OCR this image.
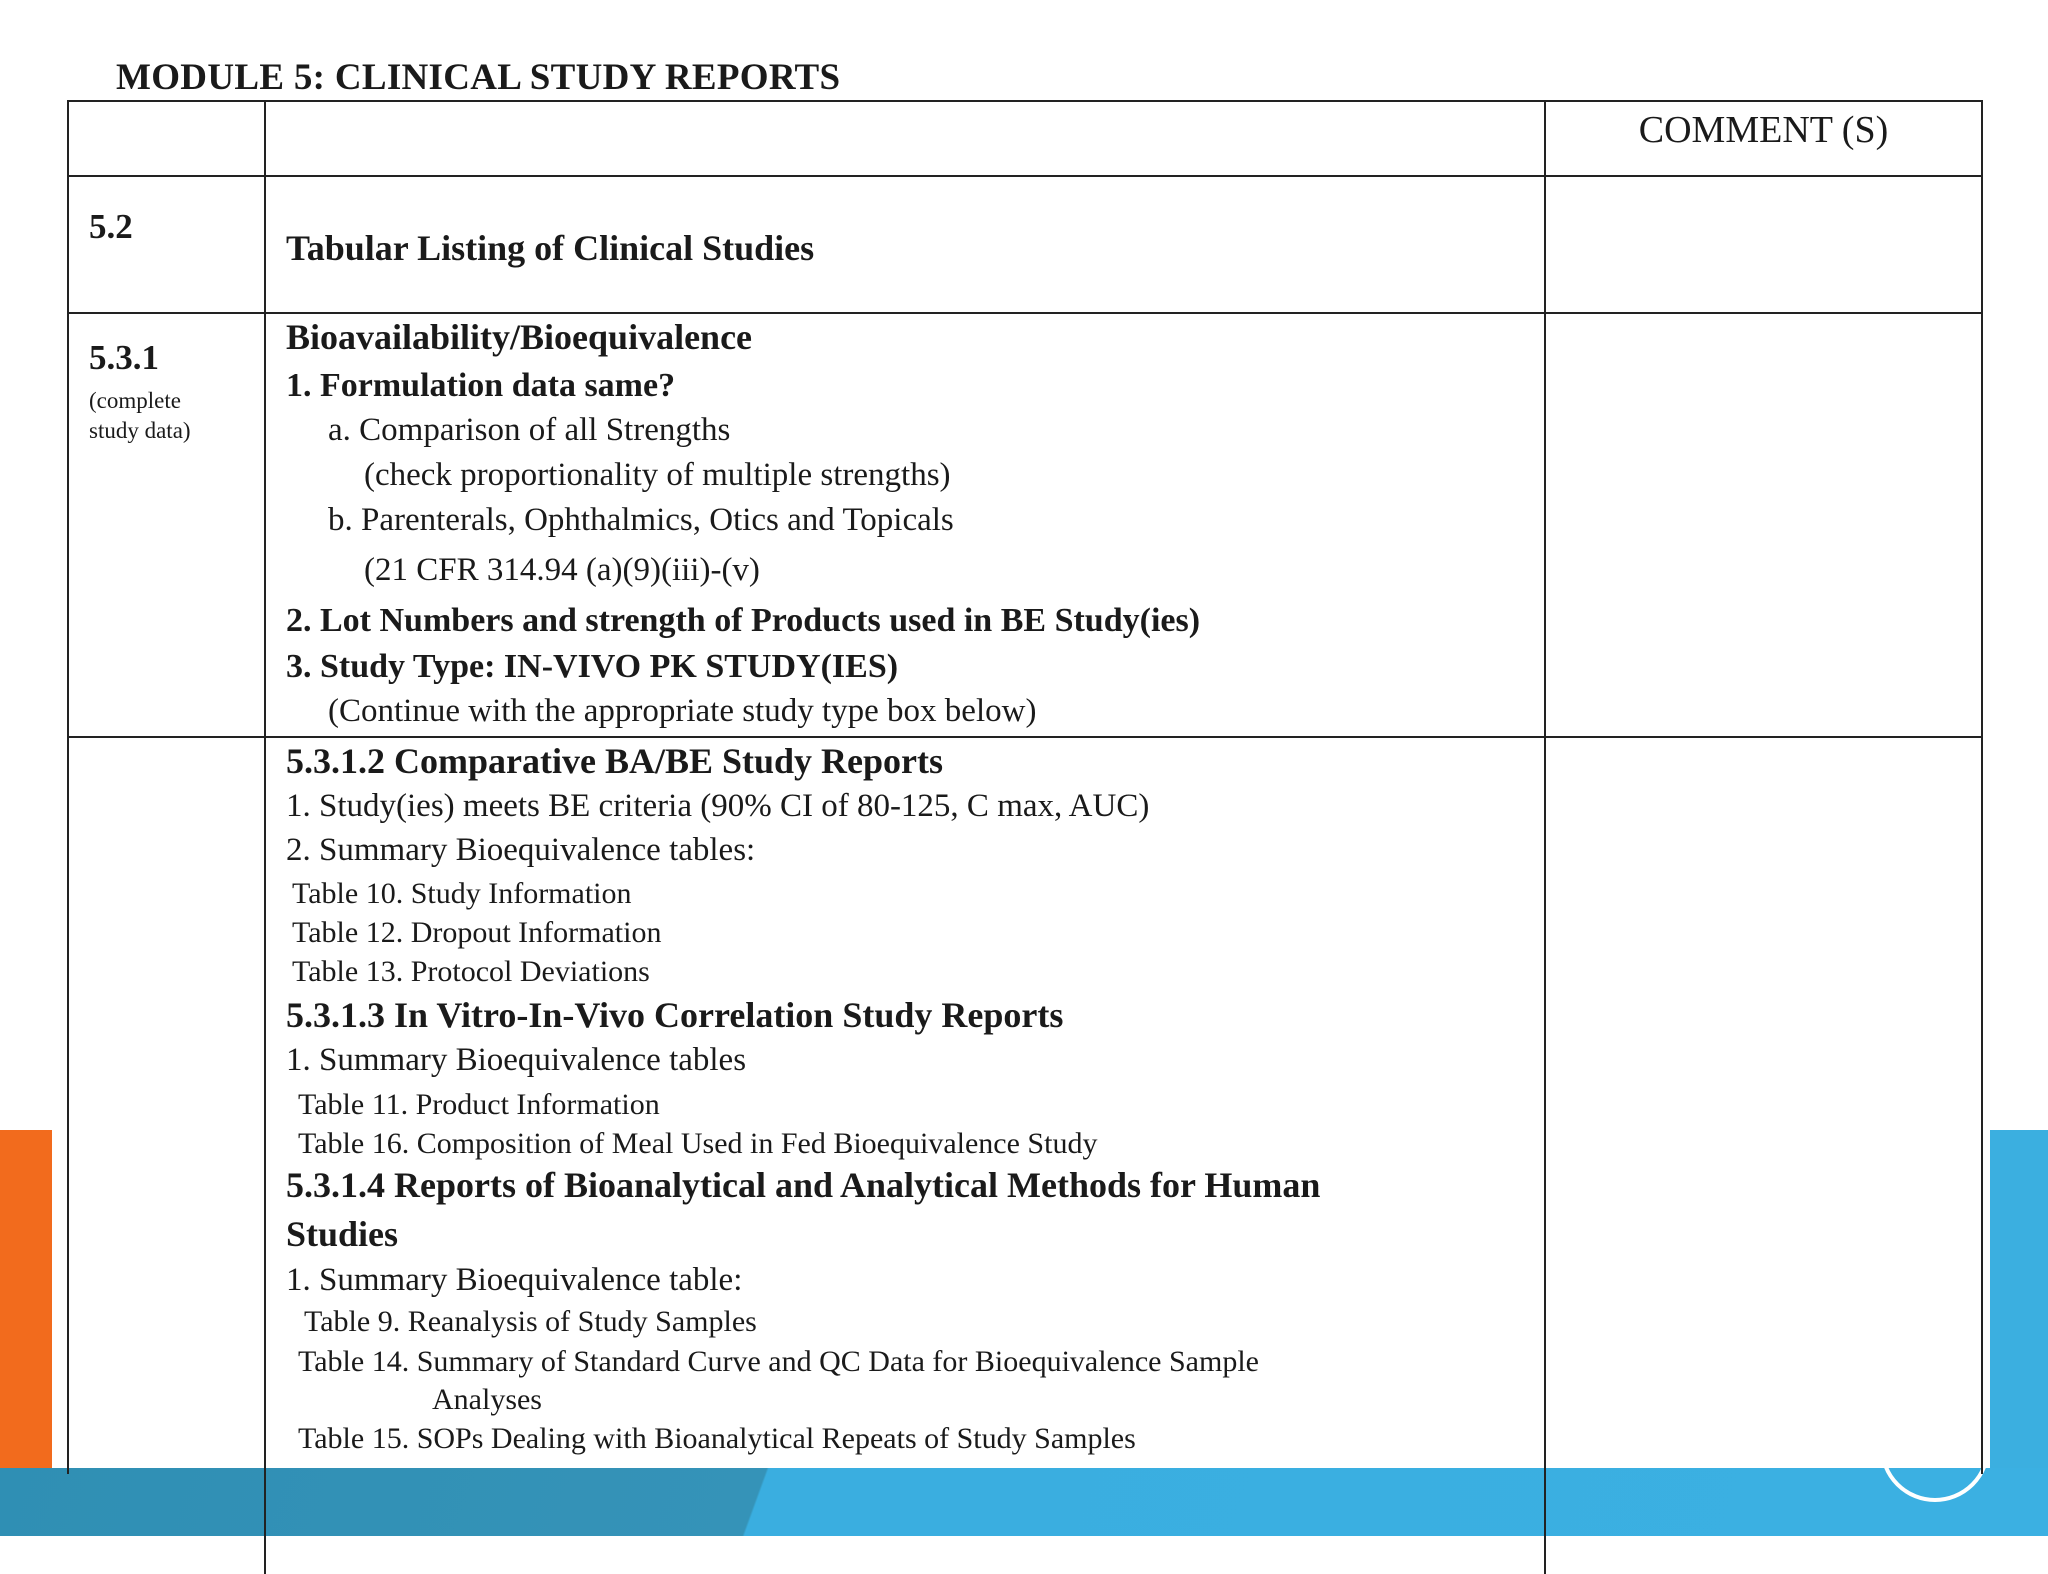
MODULE 5: CLINICAL STUDY REPORTS
COMMENT (S)
5.2
Tabular Listing of Clinical Studies
5.3.1
(complete
study data)
Bioavailability/Bioequivalence
1. Formulation data same?
a. Comparison of all Strengths
(check proportionality of multiple strengths)
b. Parenterals, Ophthalmics, Otics and Topicals
(21 CFR 314.94 (a)(9)(iii)-(v)
2. Lot Numbers and strength of Products used in BE Study(ies)
3. Study Type: IN-VIVO PK STUDY(IES)
(Continue with the appropriate study type box below)
5.3.1.2 Comparative BA/BE Study Reports
1. Study(ies) meets BE criteria (90% CI of 80-125, C max, AUC)
2. Summary Bioequivalence tables:
Table 10. Study Information
Table 12. Dropout Information
Table 13. Protocol Deviations
5.3.1.3 In Vitro-In-Vivo Correlation Study Reports
1. Summary Bioequivalence tables
Table 11. Product Information
Table 16. Composition of Meal Used in Fed Bioequivalence Study
5.3.1.4 Reports of Bioanalytical and Analytical Methods for Human
Studies
1. Summary Bioequivalence table:
Table 9. Reanalysis of Study Samples
Table 14. Summary of Standard Curve and QC Data for Bioequivalence Sample
Analyses
Table 15. SOPs Dealing with Bioanalytical Repeats of Study Samples
